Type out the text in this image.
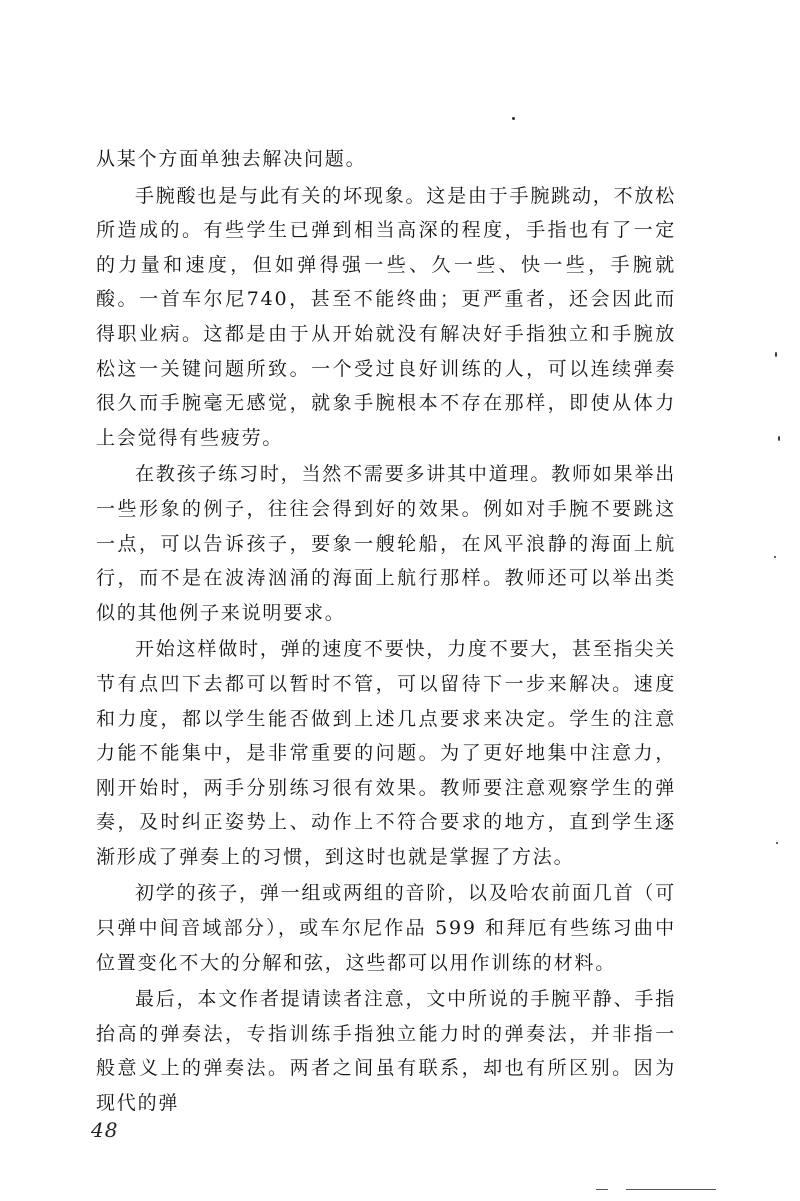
从某个方面单独去解决问题。

手腕酸也是与此有关的坏现象。这是由于手腕跳动，不放松所造成的。有些学生已弹到相当高深的程度，手指也有了一定的力量和速度，但如弹得强一些、久一些、快一些，手腕就酸。一首车尔尼740，甚至不能终曲；更严重者，还会因此而得职业病。这都是由于从开始就没有解决好手指独立和手腕放松这一关键问题所致。一个受过良好训练的人，可以连续弹奏很久而手腕毫无感觉，就象手腕根本不存在那样，即使从体力上会觉得有些疲劳。

在教孩子练习时，当然不需要多讲其中道理。教师如果举出一些形象的例子，往往会得到好的效果。例如对手腕不要跳这一点，可以告诉孩子，要象一艘轮船，在风平浪静的海面上航行，而不是在波涛汹涌的海面上航行那样。教师还可以举出类似的其他例子来说明要求。

开始这样做时，弹的速度不要快，力度不要大，甚至指尖关节有点凹下去都可以暂时不管，可以留待下一步来解决。速度和力度，都以学生能否做到上述几点要求来决定。学生的注意力能不能集中，是非常重要的问题。为了更好地集中注意力，刚开始时，两手分别练习很有效果。教师要注意观察学生的弹奏，及时纠正姿势上、动作上不符合要求的地方，直到学生逐渐形成了弹奏上的习惯，到这时也就是掌握了方法。

初学的孩子，弹一组或两组的音阶，以及哈农前面几首（可只弹中间音域部分），或车尔尼作品 599 和拜厄有些练习曲中位置变化不大的分解和弦，这些都可以用作训练的材料。

最后，本文作者提请读者注意，文中所说的手腕平静、手指抬高的弹奏法，专指训练手指独立能力时的弹奏法，并非指一般意义上的弹奏法。两者之间虽有联系，却也有所区别。因为现代的弹

48
